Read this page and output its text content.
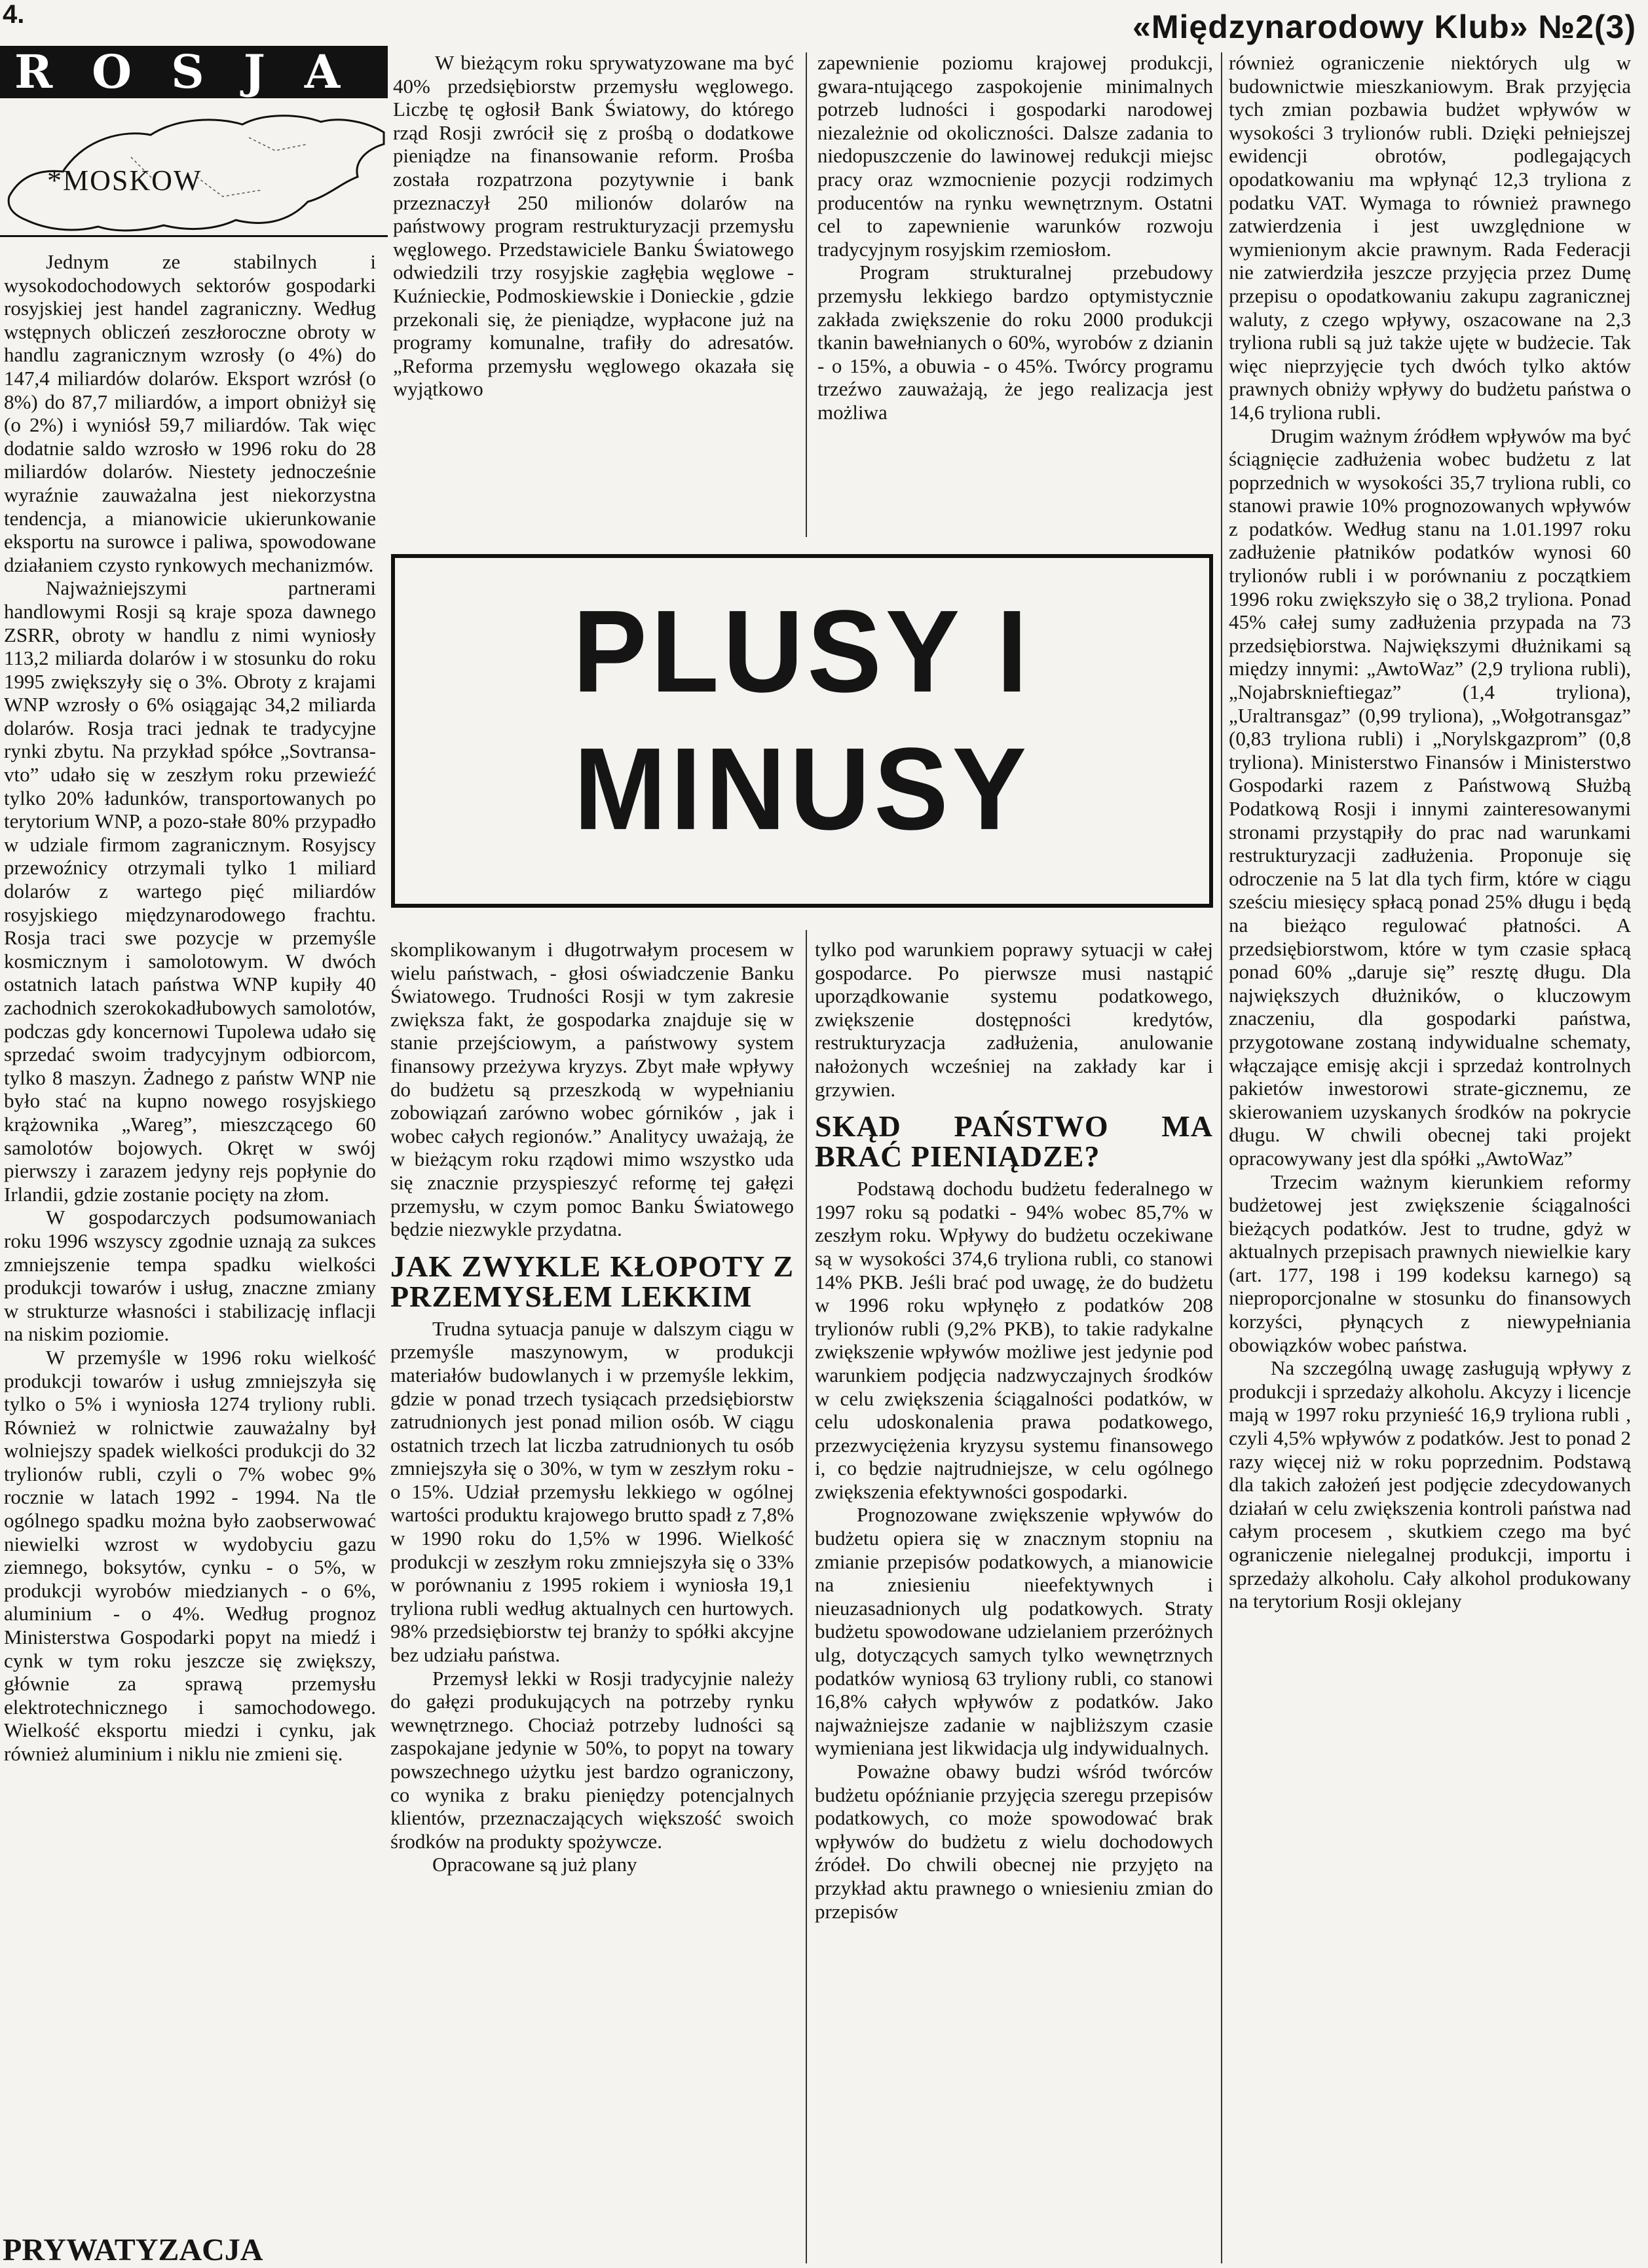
4.	«Międzynarodowy Klub» №2(3)
ROSJA
*MOSKOW

Jednym ze stabilnych i wysokodochodowych sektorów gospodarki rosyjskiej jest handel zagraniczny. Według wstępnych obliczeń zeszłoroczne obroty w handlu zagranicznym wzrosły (o 4%) do 147,4 miliardów dolarów. Eksport wzrósł (o 8%) do 87,7 miliardów, a import obniżył się (o 2%) i wyniósł 59,7 miliardów. Tak więc dodatnie saldo wzrosło w 1996 roku do 28 miliardów dolarów. Niestety jednocześnie wyraźnie zauważalna jest niekorzystna tendencja, a mianowicie ukierunkowanie eksportu na surowce i paliwa, spowodowane działaniem czysto rynkowych mechanizmów.

Najważniejszymi partnerami handlowymi Rosji są kraje spoza dawnego ZSRR, obroty w handlu z nimi wyniosły 113,2 miliarda dolarów i w stosunku do roku 1995 zwiększyły się o 3%. Obroty z krajami WNP wzrosły o 6% osiągając 34,2 miliarda dolarów. Rosja traci jednak te tradycyjne rynki zbytu. Na przykład spółce „Sovtransa-vto” udało się w zeszłym roku przewieźć tylko 20% ładunków, transportowanych po terytorium WNP, a pozo-stałe 80% przypadło w udziale firmom zagranicznym. Rosyjscy przewoźnicy otrzymali tylko 1 miliard dolarów z wartego pięć miliardów rosyjskiego międzynarodowego frachtu. Rosja traci swe pozycje w przemyśle kosmicznym i samolotowym. W dwóch ostatnich latach państwa WNP kupiły 40 zachodnich szerokokadłubowych samolotów, podczas gdy koncernowi Tupolewa udało się sprzedać swoim tradycyjnym odbiorcom, tylko 8 maszyn. Żadnego z państw WNP nie było stać na kupno nowego rosyjskiego krążownika „Wareg”, mieszczącego 60 samolotów bojowych. Okręt w swój pierwszy i zarazem jedyny rejs popłynie do Irlandii, gdzie zostanie pocięty na złom.

W gospodarczych podsumowaniach roku 1996 wszyscy zgodnie uznają za sukces zmniejszenie tempa spadku wielkości produkcji towarów i usług, znaczne zmiany w strukturze własności i stabilizację inflacji na niskim poziomie.

W przemyśle w 1996 roku wielkość produkcji towarów i usług zmniejszyła się tylko o 5% i wyniosła 1274 tryliony rubli. Również w rolnictwie zauważalny był wolniejszy spadek wielkości produkcji do 32 trylionów rubli, czyli o 7% wobec 9% rocznie w latach 1992 - 1994. Na tle ogólnego spadku można było zaobserwować niewielki wzrost w wydobyciu gazu ziemnego, boksytów, cynku - o 5%, w produkcji wyrobów miedzianych - o 6%, aluminium - o 4%. Według prognoz Ministerstwa Gospodarki popyt na miedź i cynk w tym roku jeszcze się zwiększy, głównie za sprawą przemysłu elektrotechnicznego i samochodowego. Wielkość eksportu miedzi i cynku, jak również aluminium i niklu nie zmieni się.

PRYWATYZACJA

W bieżącym roku sprywatyzowane ma być 40% przedsiębiorstw przemysłu węglowego. Liczbę tę ogłosił Bank Światowy, do którego rząd Rosji zwrócił się z prośbą o dodatkowe pieniądze na finansowanie reform. Prośba została rozpatrzona pozytywnie i bank przeznaczył 250 milionów dolarów na państwowy program restrukturyzacji przemysłu węglowego. Przedstawiciele Banku Światowego odwiedzili trzy rosyjskie zagłębia węglowe - Kuźnieckie, Podmoskiewskie i Donieckie , gdzie przekonali się, że pieniądze, wypłacone już na programy komunalne, trafiły do adresatów. „Reforma przemysłu węglowego okazała się wyjątkowo

zapewnienie poziomu krajowej produkcji, gwara-ntującego zaspokojenie minimalnych potrzeb ludności i gospodarki narodowej niezależnie od okoliczności. Dalsze zadania to niedopuszczenie do lawinowej redukcji miejsc pracy oraz wzmocnienie pozycji rodzimych producentów na rynku wewnętrznym. Ostatni cel to zapewnienie warunków rozwoju tradycyjnym rosyjskim rzemiosłom.

Program strukturalnej przebudowy przemysłu lekkiego bardzo optymistycznie zakłada zwiększenie do roku 2000 produkcji tkanin bawełnianych o 60%, wyrobów z dzianin - o 15%, a obuwia - o 45%. Twórcy programu trzeźwo zauważają, że jego realizacja jest możliwa

PLUSY I
MINUSY

skomplikowanym i długotrwałym procesem w wielu państwach, - głosi oświadczenie Banku Światowego. Trudności Rosji w tym zakresie zwiększa fakt, że gospodarka znajduje się w stanie przejściowym, a państwowy system finansowy przeżywa kryzys. Zbyt małe wpływy do budżetu są przeszkodą w wypełnianiu zobowiązań zarówno wobec górników , jak i wobec całych regionów.” Analitycy uważają, że w bieżącym roku rządowi mimo wszystko uda się znacznie przyspieszyć reformę tej gałęzi przemysłu, w czym pomoc Banku Światowego będzie niezwykle przydatna.

JAK ZWYKLE KŁOPOTY Z PRZEMYSŁEM LEKKIM

Trudna sytuacja panuje w dalszym ciągu w przemyśle maszynowym, w produkcji materiałów budowlanych i w przemyśle lekkim, gdzie w ponad trzech tysiącach przedsiębiorstw zatrudnionych jest ponad milion osób. W ciągu ostatnich trzech lat liczba zatrudnionych tu osób zmniejszyła się o 30%, w tym w zeszłym roku - o 15%. Udział przemysłu lekkiego w ogólnej wartości produktu krajowego brutto spadł z 7,8% w 1990 roku do 1,5% w 1996. Wielkość produkcji w zeszłym roku zmniejszyła się o 33% w porównaniu z 1995 rokiem i wyniosła 19,1 tryliona rubli według aktualnych cen hurtowych. 98% przedsiębiorstw tej branży to spółki akcyjne bez udziału państwa.

Przemysł lekki w Rosji tradycyjnie należy do gałęzi produkujących na potrzeby rynku wewnętrznego. Chociaż potrzeby ludności są zaspokajane jedynie w 50%, to popyt na towary powszechnego użytku jest bardzo ograniczony, co wynika z braku pieniędzy potencjalnych klientów, przeznaczających większość swoich środków na produkty spożywcze.

Opracowane są już plany

tylko pod warunkiem poprawy sytuacji w całej gospodarce. Po pierwsze musi nastąpić uporządkowanie systemu podatkowego, zwiększenie dostępności kredytów, restrukturyzacja zadłużenia, anulowanie nałożonych wcześniej na zakłady kar i grzywien.

SKĄD PAŃSTWO MA BRAĆ PIENIĄDZE?

Podstawą dochodu budżetu federalnego w 1997 roku są podatki - 94% wobec 85,7% w zeszłym roku. Wpływy do budżetu oczekiwane są w wysokości 374,6 tryliona rubli, co stanowi 14% PKB. Jeśli brać pod uwagę, że do budżetu w 1996 roku wpłynęło z podatków 208 trylionów rubli (9,2% PKB), to takie radykalne zwiększenie wpływów możliwe jest jedynie pod warunkiem podjęcia nadzwyczajnych środków w celu zwiększenia ściągalności podatków, w celu udoskonalenia prawa podatkowego, przezwyciężenia kryzysu systemu finansowego i, co będzie najtrudniejsze, w celu ogólnego zwiększenia efektywności gospodarki.

Prognozowane zwiększenie wpływów do budżetu opiera się w znacznym stopniu na zmianie przepisów podatkowych, a mianowicie na zniesieniu nieefektywnych i nieuzasadnionych ulg podatkowych. Straty budżetu spowodowane udzielaniem przeróżnych ulg, dotyczących samych tylko wewnętrznych podatków wyniosą 63 tryliony rubli, co stanowi 16,8% całych wpływów z podatków. Jako najważniejsze zadanie w najbliższym czasie wymieniana jest likwidacja ulg indywidualnych.

Poważne obawy budzi wśród twórców budżetu opóźnianie przyjęcia szeregu przepisów podatkowych, co może spowodować brak wpływów do budżetu z wielu dochodowych źródeł. Do chwili obecnej nie przyjęto na przykład aktu prawnego o wniesieniu zmian do przepisów

również ograniczenie niektórych ulg w budownictwie mieszkaniowym. Brak przyjęcia tych zmian pozbawia budżet wpływów w wysokości 3 trylionów rubli. Dzięki pełniejszej ewidencji obrotów, podlegających opodatkowaniu ma wpłynąć 12,3 tryliona z podatku VAT. Wymaga to również prawnego zatwierdzenia i jest uwzględnione w wymienionym akcie prawnym. Rada Federacji nie zatwierdziła jeszcze przyjęcia przez Dumę przepisu o opodatkowaniu zakupu zagranicznej waluty, z czego wpływy, oszacowane na 2,3 tryliona rubli są już także ujęte w budżecie. Tak więc nieprzyjęcie tych dwóch tylko aktów prawnych obniży wpływy do budżetu państwa o 14,6 tryliona rubli.

Drugim ważnym źródłem wpływów ma być ściągnięcie zadłużenia wobec budżetu z lat poprzednich w wysokości 35,7 tryliona rubli, co stanowi prawie 10% prognozowanych wpływów z podatków. Według stanu na 1.01.1997 roku zadłużenie płatników podatków wynosi 60 trylionów rubli i w porównaniu z początkiem 1996 roku zwiększyło się o 38,2 tryliona. Ponad 45% całej sumy zadłużenia przypada na 73 przedsiębiorstwa. Największymi dłużnikami są między innymi: „AwtoWaz” (2,9 tryliona rubli), „Nojabrsknieftiegaz” (1,4 tryliona), „Uraltransgaz” (0,99 tryliona), „Wołgotransgaz” (0,83 tryliona rubli) i „Norylskgazprom” (0,8 tryliona). Ministerstwo Finansów i Ministerstwo Gospodarki razem z Państwową Służbą Podatkową Rosji i innymi zainteresowanymi stronami przystąpiły do prac nad warunkami restrukturyzacji zadłużenia. Proponuje się odroczenie na 5 lat dla tych firm, które w ciągu sześciu miesięcy spłacą ponad 25% długu i będą na bieżąco regulować płatności. A przedsiębiorstwom, które w tym czasie spłacą ponad 60% „daruje się” resztę długu. Dla największych dłużników, o kluczowym znaczeniu, dla gospodarki państwa, przygotowane zostaną indywidualne schematy, włączające emisję akcji i sprzedaż kontrolnych pakietów inwestorowi strate-gicznemu, ze skierowaniem uzyskanych środków na pokrycie długu. W chwili obecnej taki projekt opracowywany jest dla spółki „AwtoWaz”

Trzecim ważnym kierunkiem reformy budżetowej jest zwiększenie ściągalności bieżących podatków. Jest to trudne, gdyż w aktualnych przepisach prawnych niewielkie kary (art. 177, 198 i 199 kodeksu karnego) są nieproporcjonalne w stosunku do finansowych korzyści, płynących z niewypełniania obowiązków wobec państwa.

Na szczególną uwagę zasługują wpływy z produkcji i sprzedaży alkoholu. Akcyzy i licencje mają w 1997 roku przynieść 16,9 tryliona rubli , czyli 4,5% wpływów z podatków. Jest to ponad 2 razy więcej niż w roku poprzednim. Podstawą dla takich założeń jest podjęcie zdecydowanych działań w celu zwiększenia kontroli państwa nad całym procesem , skutkiem czego ma być ograniczenie nielegalnej produkcji, importu i sprzedaży alkoholu. Cały alkohol produkowany na terytorium Rosji oklejany
